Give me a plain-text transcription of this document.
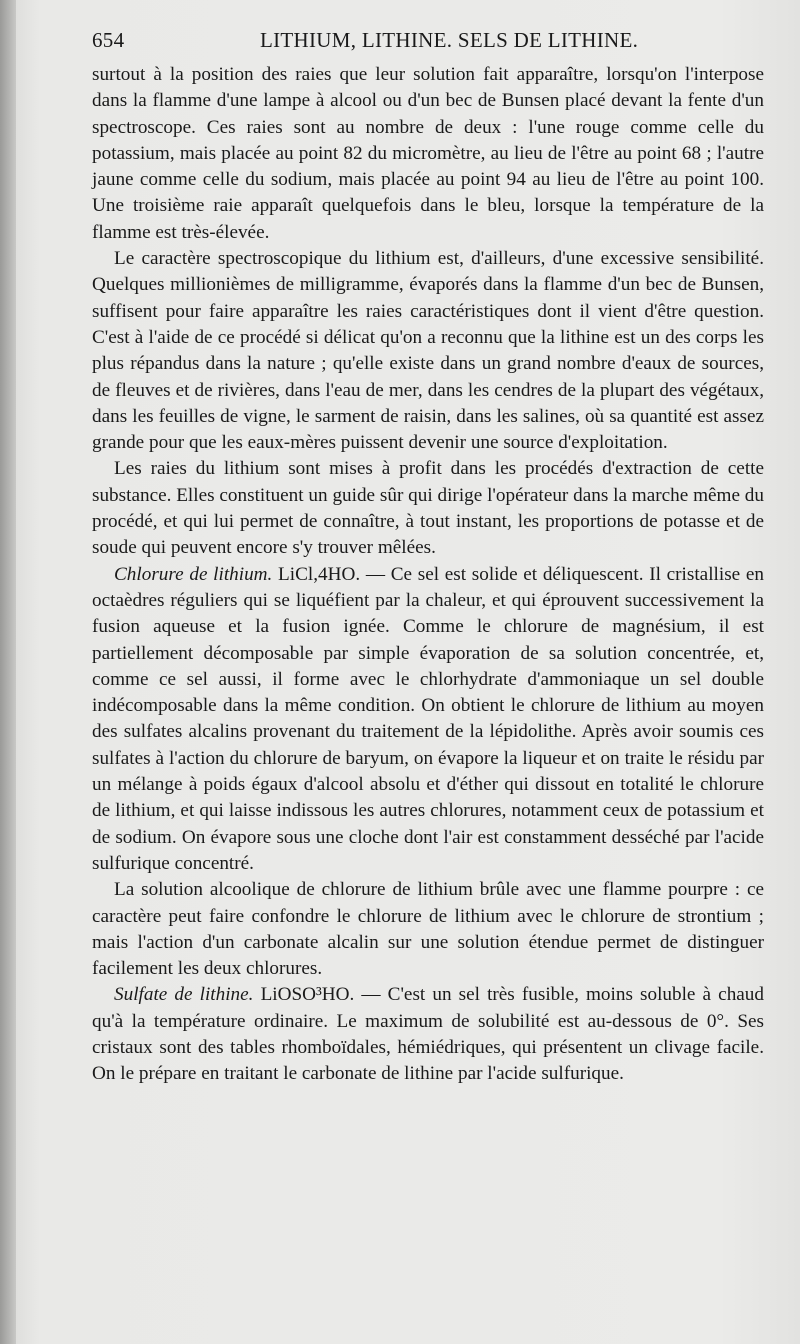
654	LITHIUM, LITHINE. SELS DE LITHINE.

surtout à la position des raies que leur solution fait apparaître, lorsqu'on l'interpose dans la flamme d'une lampe à alcool ou d'un bec de Bunsen placé devant la fente d'un spectroscope. Ces raies sont au nombre de deux : l'une rouge comme celle du potassium, mais placée au point 82 du micromètre, au lieu de l'être au point 68 ; l'autre jaune comme celle du sodium, mais placée au point 94 au lieu de l'être au point 100. Une troisième raie apparaît quelquefois dans le bleu, lorsque la température de la flamme est très-élevée.

Le caractère spectroscopique du lithium est, d'ailleurs, d'une excessive sensibilité. Quelques millionièmes de milligramme, évaporés dans la flamme d'un bec de Bunsen, suffisent pour faire apparaître les raies caractéristiques dont il vient d'être question. C'est à l'aide de ce procédé si délicat qu'on a reconnu que la lithine est un des corps les plus répandus dans la nature ; qu'elle existe dans un grand nombre d'eaux de sources, de fleuves et de rivières, dans l'eau de mer, dans les cendres de la plupart des végétaux, dans les feuilles de vigne, le sarment de raisin, dans les salines, où sa quantité est assez grande pour que les eaux-mères puissent devenir une source d'exploitation.

Les raies du lithium sont mises à profit dans les procédés d'extraction de cette substance. Elles constituent un guide sûr qui dirige l'opérateur dans la marche même du procédé, et qui lui permet de connaître, à tout instant, les proportions de potasse et de soude qui peuvent encore s'y trouver mêlées.

Chlorure de lithium. LiCl,4HO. — Ce sel est solide et déliquescent. Il cristallise en octaèdres réguliers qui se liquéfient par la chaleur, et qui éprouvent successivement la fusion aqueuse et la fusion ignée. Comme le chlorure de magnésium, il est partiellement décomposable par simple évaporation de sa solution concentrée, et, comme ce sel aussi, il forme avec le chlorhydrate d'ammoniaque un sel double indécomposable dans la même condition. On obtient le chlorure de lithium au moyen des sulfates alcalins provenant du traitement de la lépidolithe. Après avoir soumis ces sulfates à l'action du chlorure de baryum, on évapore la liqueur et on traite le résidu par un mélange à poids égaux d'alcool absolu et d'éther qui dissout en totalité le chlorure de lithium, et qui laisse indissous les autres chlorures, notamment ceux de potassium et de sodium. On évapore sous une cloche dont l'air est constamment desséché par l'acide sulfurique concentré.

La solution alcoolique de chlorure de lithium brûle avec une flamme pourpre : ce caractère peut faire confondre le chlorure de lithium avec le chlorure de strontium ; mais l'action d'un carbonate alcalin sur une solution étendue permet de distinguer facilement les deux chlorures.

Sulfate de lithine. LiOSO³HO. — C'est un sel très fusible, moins soluble à chaud qu'à la température ordinaire. Le maximum de solubilité est au-dessous de 0°. Ses cristaux sont des tables rhomboïdales, hémiédriques, qui présentent un clivage facile. On le prépare en traitant le carbonate de lithine par l'acide sulfurique.
